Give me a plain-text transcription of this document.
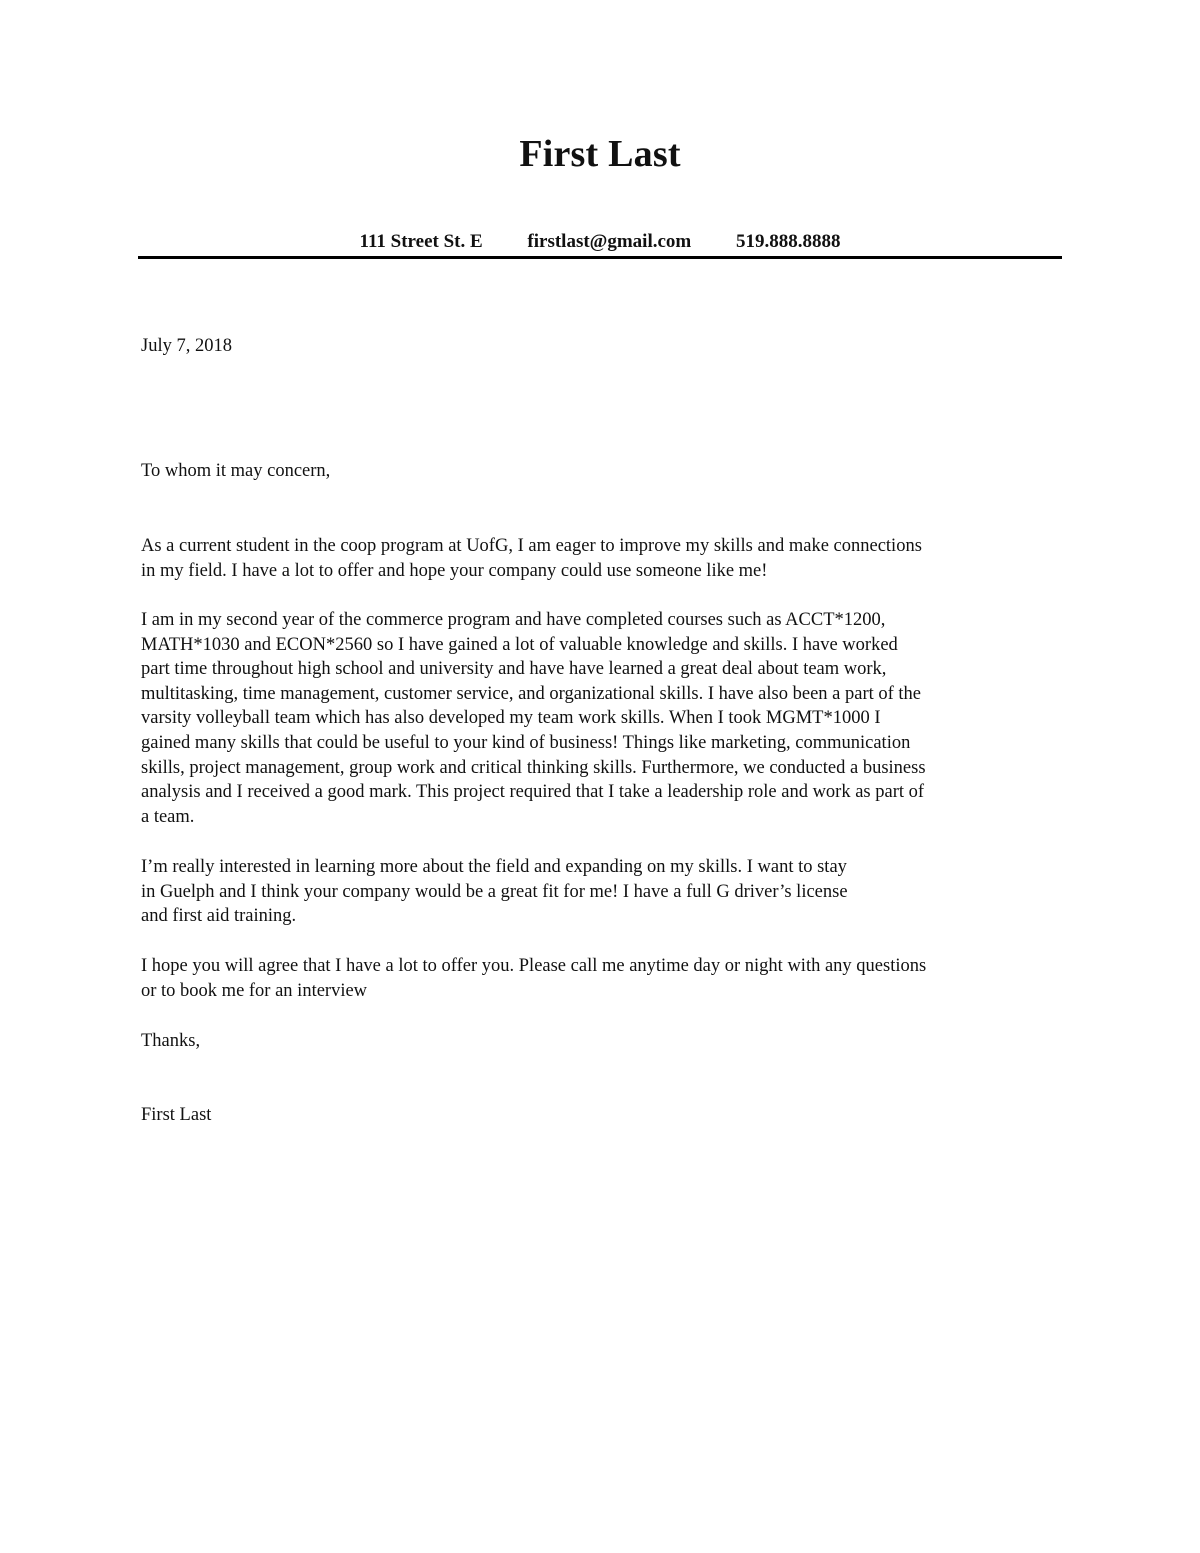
First Last
111 Street St. E firstlast@gmail.com 519.888.8888
July 7, 2018
To whom it may concern,
As a current student in the coop program at UofG, I am eager to improve my skills and make connections
in my field. I have a lot to offer and hope your company could use someone like me!
I am in my second year of the commerce program and have completed courses such as ACCT*1200,
MATH*1030 and ECON*2560 so I have gained a lot of valuable knowledge and skills. I have worked
part time throughout high school and university and have have learned a great deal about team work,
multitasking, time management, customer service, and organizational skills. I have also been a part of the
varsity volleyball team which has also developed my team work skills. When I took MGMT*1000 I
gained many skills that could be useful to your kind of business! Things like marketing, communication
skills, project management, group work and critical thinking skills. Furthermore, we conducted a business
analysis and I received a good mark. This project required that I take a leadership role and work as part of
a team.
I’m really interested in learning more about the field and expanding on my skills. I want to stay
in Guelph and I think your company would be a great fit for me! I have a full G driver’s license
and first aid training.
I hope you will agree that I have a lot to offer you. Please call me anytime day or night with any questions
or to book me for an interview
Thanks,
First Last
